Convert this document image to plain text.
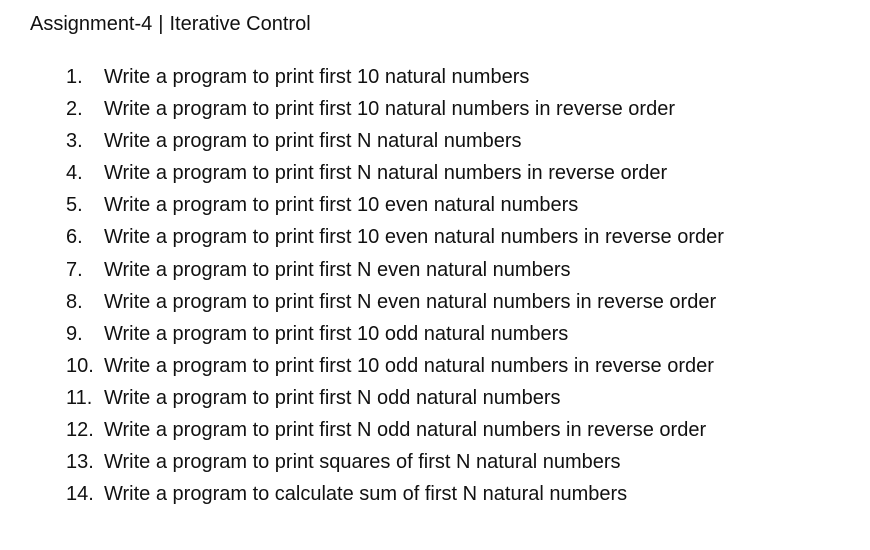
Assignment-4 | Iterative Control
1.	Write a program to print first 10 natural numbers
2.	Write a program to print first 10 natural numbers in reverse order
3.	Write a program to print first N natural numbers
4.	Write a program to print first N natural numbers in reverse order
5.	Write a program to print first 10 even natural numbers
6.	Write a program to print first 10 even natural numbers in reverse order
7.	Write a program to print first N even natural numbers
8.	Write a program to print first N even natural numbers in reverse order
9.	Write a program to print first 10 odd natural numbers
10. Write a program to print first 10 odd natural numbers in reverse order
11. Write a program to print first N odd natural numbers
12. Write a program to print first N odd natural numbers in reverse order
13. Write a program to print squares of first N natural numbers
14. Write a program to calculate sum of first N natural numbers
